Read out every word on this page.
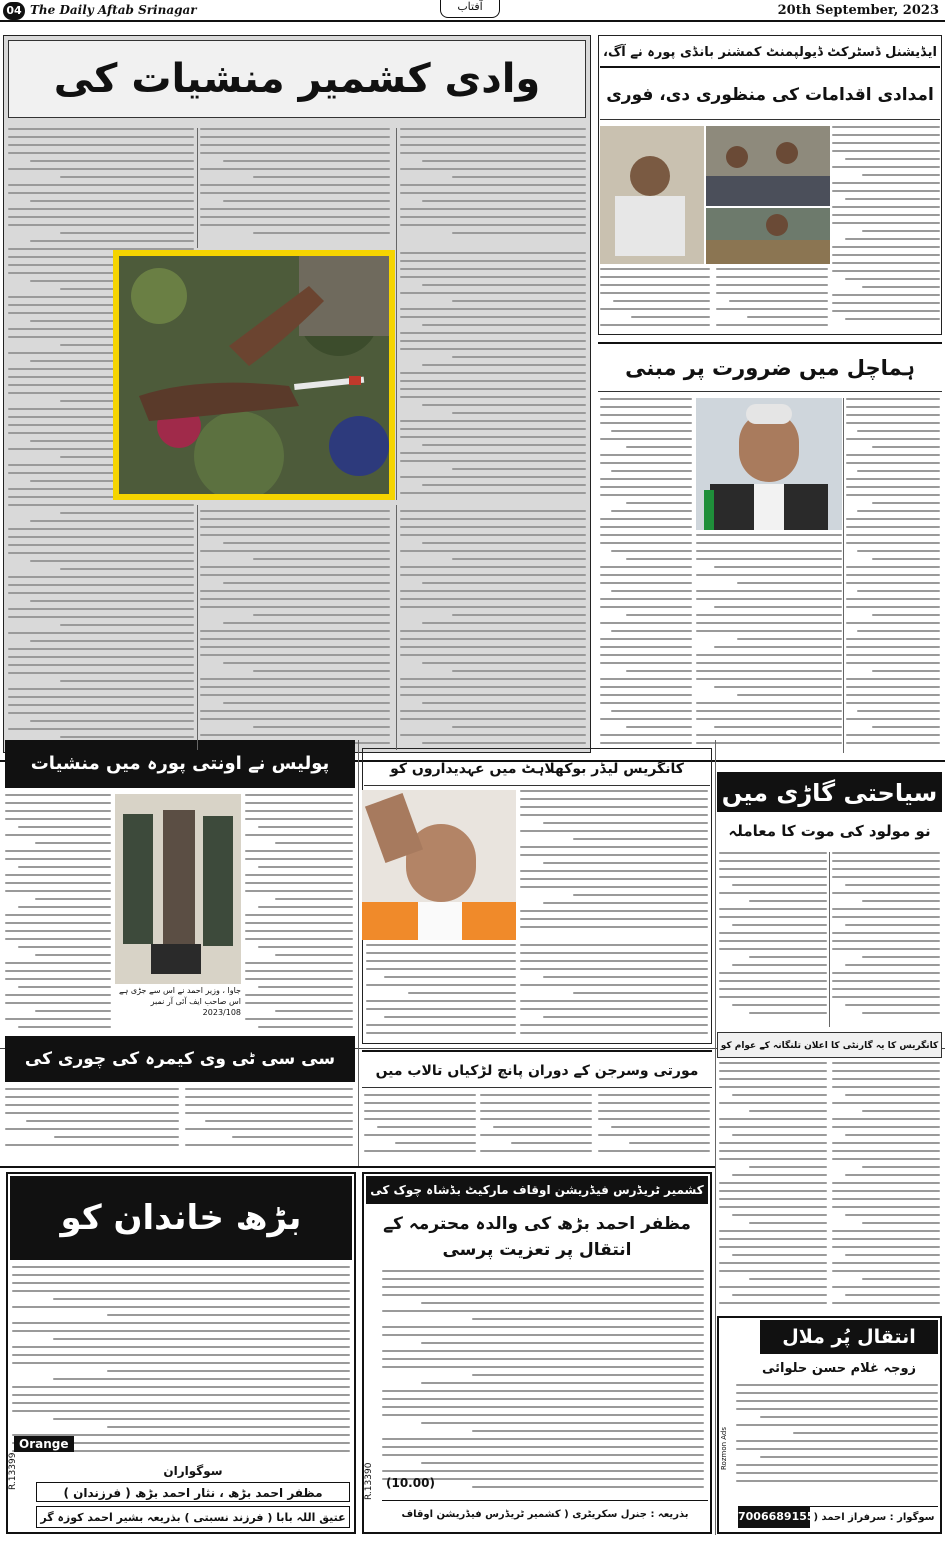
04 The Daily Aftab Srinagar	آفتاب	20th September, 2023
وادی کشمیر منشیات کی
ایڈیشنل ڈسٹرکٹ ڈیولپمنٹ کمشنر بانڈی پورہ نے آگ،
امدادی اقدامات کی منظوری دی، فوری
ہماچل میں ضرورت پر مبنی
پولیس نے اونتی پورہ میں منشیات
جاوا ، وزیر احمد نے اس سے جڑی ہے اس صاحب ایف آئی آر نمبر 2023/108
کانگریس لیڈر بوکھلاہٹ میں عہدیداروں کو
سیاحتی گاڑی میں
نو مولود کی موت کا معاملہ
سی سی ٹی وی کیمرہ کی چوری کی
مورتی وسرجن کے دوران پانچ لڑکیاں تالاب میں
کانگریس کا یہ گارنٹی کا اعلان تلنگانہ کے عوام کو
بڑھ خاندان کو
Orange
سوگواران
مظفر احمد بڑھ ، نثار احمد بڑھ ( فرزندان )
عتیق اللہ بابا ( فرزند نسبتی ) بذریعہ بشیر احمد کوزہ گر
R.13399
کشمیر ٹریڈرس فیڈریشن اوقاف مارکیٹ بڈشاہ چوک کی
مظفر احمد بڑھ کی والدہ محترمہ کے انتقال پر تعزیت پرسی
(10.00)
بذریعہ : جنرل سکریٹری ( کشمیر ٹریڈرس فیڈریشن اوقاف
R.13390
انتقال پُر ملال
زوجہ غلام حسن حلوائی
سوگوار : سرفراز احمد (
7006689155
Rozmon Ads
